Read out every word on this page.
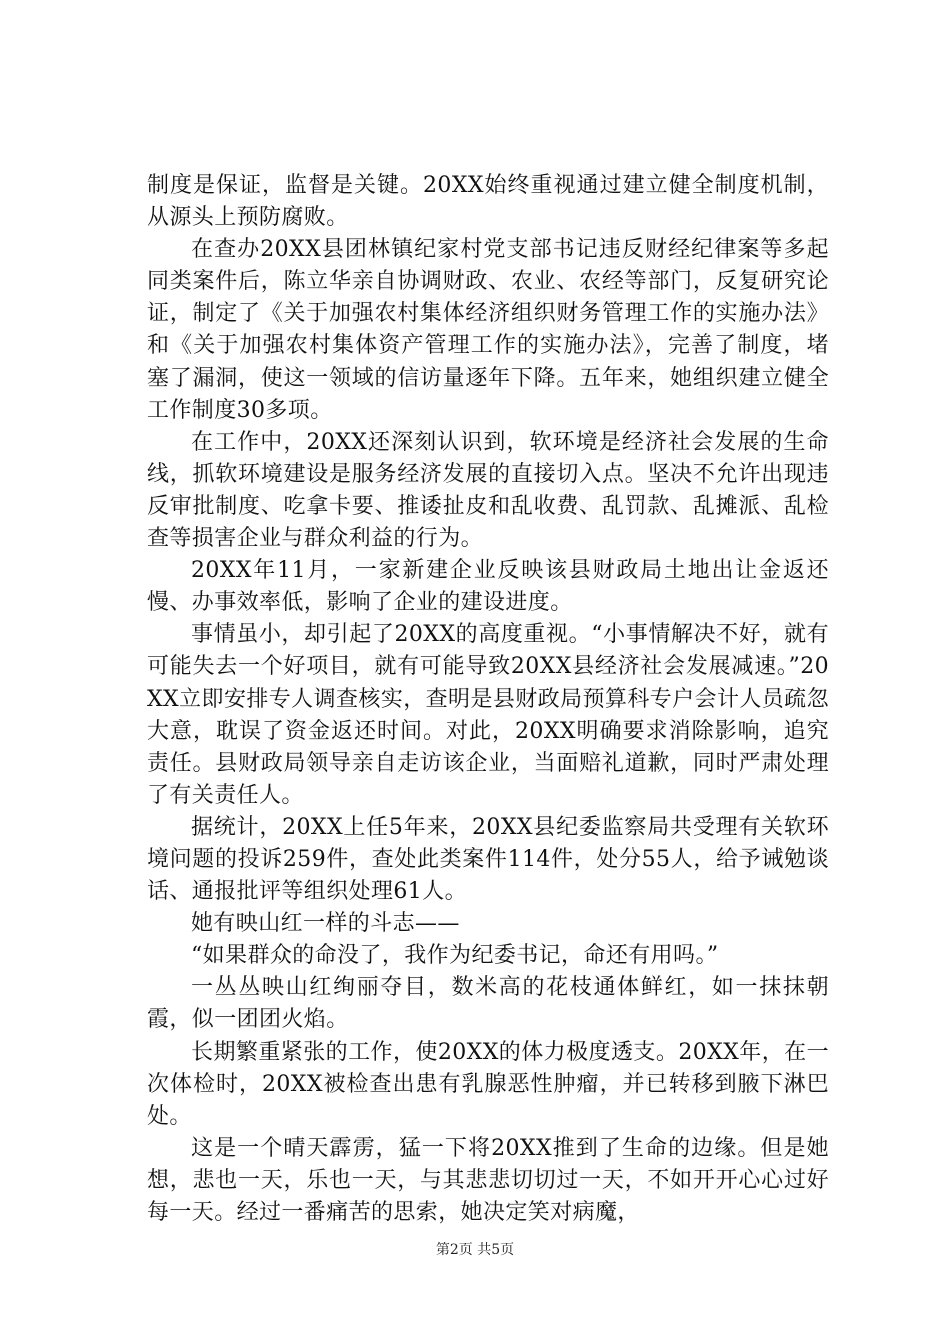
制度是保证，监督是关键。20XX始终重视通过建立健全制度机制，从源头上预防腐败。

在查办20XX县团林镇纪家村党支部书记违反财经纪律案等多起同类案件后，陈立华亲自协调财政、农业、农经等部门，反复研究论证，制定了《关于加强农村集体经济组织财务管理工作的实施办法》和《关于加强农村集体资产管理工作的实施办法》，完善了制度，堵塞了漏洞，使这一领域的信访量逐年下降。五年来，她组织建立健全工作制度30多项。

在工作中，20XX还深刻认识到，软环境是经济社会发展的生命线，抓软环境建设是服务经济发展的直接切入点。坚决不允许出现违反审批制度、吃拿卡要、推诿扯皮和乱收费、乱罚款、乱摊派、乱检查等损害企业与群众利益的行为。

20XX年11月，一家新建企业反映该县财政局土地出让金返还慢、办事效率低，影响了企业的建设进度。

事情虽小，却引起了20XX的高度重视。“小事情解决不好，就有可能失去一个好项目，就有可能导致20XX县经济社会发展减速。”20XX立即安排专人调查核实，查明是县财政局预算科专户会计人员疏忽大意，耽误了资金返还时间。对此，20XX明确要求消除影响，追究责任。县财政局领导亲自走访该企业，当面赔礼道歉，同时严肃处理了有关责任人。

据统计，20XX上任5年来，20XX县纪委监察局共受理有关软环境问题的投诉259件，查处此类案件114件，处分55人，给予诫勉谈话、通报批评等组织处理61人。

她有映山红一样的斗志——

“如果群众的命没了，我作为纪委书记，命还有用吗。”

一丛丛映山红绚丽夺目，数米高的花枝通体鲜红，如一抹抹朝霞，似一团团火焰。

长期繁重紧张的工作，使20XX的体力极度透支。20XX年，在一次体检时，20XX被检查出患有乳腺恶性肿瘤，并已转移到腋下淋巴处。

这是一个晴天霹雳，猛一下将20XX推到了生命的边缘。但是她想，悲也一天，乐也一天，与其悲悲切切过一天，不如开开心心过好每一天。经过一番痛苦的思索，她决定笑对病魔，

第2页 共5页
